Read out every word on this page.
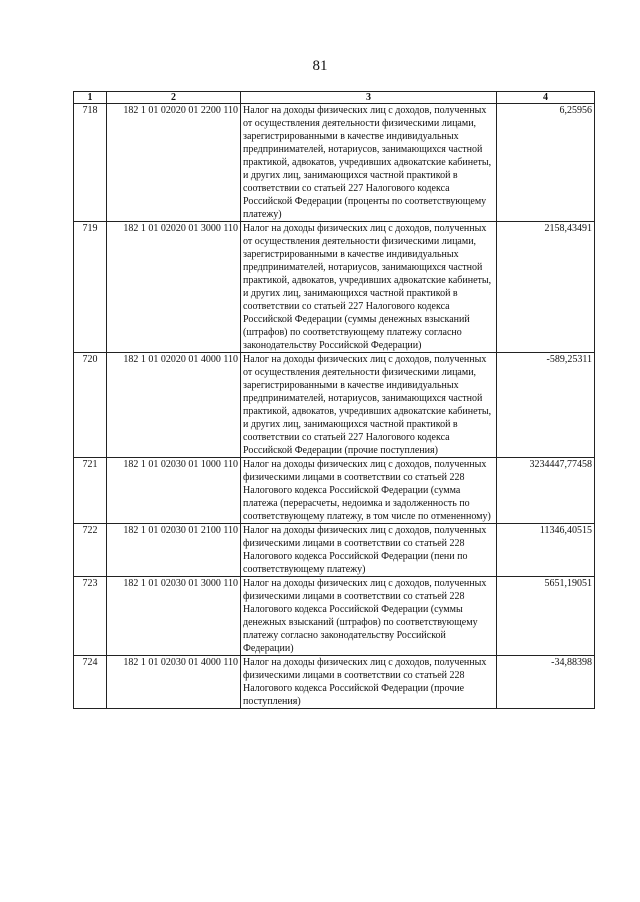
81
1	2	3	4
718	182 1 01 02020 01 2200 110	Налог на доходы физических лиц с доходов, полученных от осуществления деятельности физическими лицами, зарегистрированными в качестве индивидуальных предпринимателей, нотариусов, занимающихся частной практикой, адвокатов, учредивших адвокатские кабинеты, и других лиц, занимающихся частной практикой в соответствии со статьей 227 Налогового кодекса Российской Федерации (проценты по соответствующему платежу)	6,25956
719	182 1 01 02020 01 3000 110	Налог на доходы физических лиц с доходов, полученных от осуществления деятельности физическими лицами, зарегистрированными в качестве индивидуальных предпринимателей, нотариусов, занимающихся частной практикой, адвокатов, учредивших адвокатские кабинеты, и других лиц, занимающихся частной практикой в соответствии со статьей 227 Налогового кодекса Российской Федерации (суммы денежных взысканий (штрафов) по соответствующему платежу согласно законодательству Российской Федерации)	2158,43491
720	182 1 01 02020 01 4000 110	Налог на доходы физических лиц с доходов, полученных от осуществления деятельности физическими лицами, зарегистрированными в качестве индивидуальных предпринимателей, нотариусов, занимающихся частной практикой, адвокатов, учредивших адвокатские кабинеты, и других лиц, занимающихся частной практикой в соответствии со статьей 227 Налогового кодекса Российской Федерации (прочие поступления)	-589,25311
721	182 1 01 02030 01 1000 110	Налог на доходы физических лиц с доходов, полученных физическими лицами в соответствии со статьей 228 Налогового кодекса Российской Федерации (сумма платежа (перерасчеты, недоимка и задолженность по соответствующему платежу, в том числе по отмененному)	3234447,77458
722	182 1 01 02030 01 2100 110	Налог на доходы физических лиц с доходов, полученных физическими лицами в соответствии со статьей 228 Налогового кодекса Российской Федерации (пени по соответствующему платежу)	11346,40515
723	182 1 01 02030 01 3000 110	Налог на доходы физических лиц с доходов, полученных физическими лицами в соответствии со статьей 228 Налогового кодекса Российской Федерации (суммы денежных взысканий (штрафов) по соответствующему платежу согласно законодательству Российской Федерации)	5651,19051
724	182 1 01 02030 01 4000 110	Налог на доходы физических лиц с доходов, полученных физическими лицами в соответствии со статьей 228 Налогового кодекса Российской Федерации (прочие поступления)	-34,88398
